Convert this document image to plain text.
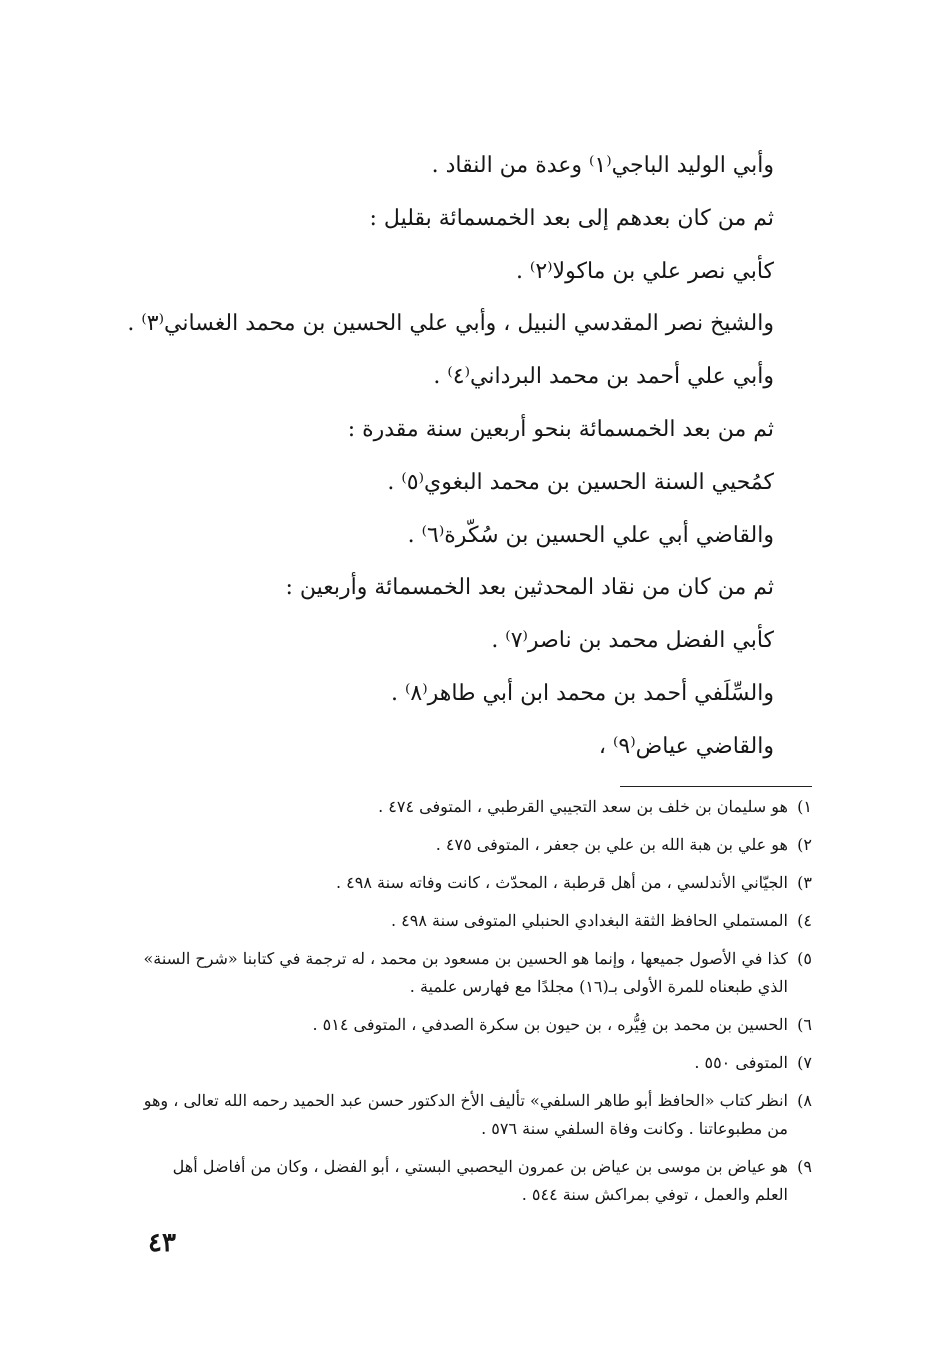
وأبي الوليد الباجي⁽١⁾ وعدة من النقاد .
ثم من كان بعدهم إلى بعد الخمسمائة بقليل :
كأبي نصر علي بن ماكولا⁽٢⁾ .
والشيخ نصر المقدسي النبيل ، وأبي علي الحسين بن محمد الغساني⁽٣⁾ .
وأبي علي أحمد بن محمد البرداني⁽٤⁾ .
ثم من بعد الخمسمائة بنحو أربعين سنة مقدرة :
كمُحيي السنة الحسين بن محمد البغوي⁽٥⁾ .
والقاضي أبي علي الحسين بن سُكّرة⁽٦⁾ .
ثم من كان من نقاد المحدثين بعد الخمسمائة وأربعين :
كأبي الفضل محمد بن ناصر⁽٧⁾ .
والسِّلَفي أحمد بن محمد ابن أبي طاهر⁽٨⁾ .
والقاضي عياض⁽٩⁾ ،
١)
هو سليمان بن خلف بن سعد التجيبي القرطبي ، المتوفى ٤٧٤ .
٢)
هو علي بن هبة الله بن علي بن جعفر ، المتوفى ٤٧٥ .
٣)
الجيّاني الأندلسي ، من أهل قرطبة ، المحدّث ، كانت وفاته سنة ٤٩٨ .
٤)
المستملي الحافظ الثقة البغدادي الحنبلي المتوفى سنة ٤٩٨ .
٥)
كذا في الأصول جميعها ، وإنما هو الحسين بن مسعود بن محمد ، له ترجمة في كتابنا «شرح السنة» الذي طبعناه للمرة الأولى بـ(١٦) مجلدًا مع فهارس علمية .
٦)
الحسين بن محمد بن فِيُّره ، بن حيون بن سكرة الصدفي ، المتوفى ٥١٤ .
٧)
المتوفى ٥٥٠ .
٨)
انظر كتاب «الحافظ أبو طاهر السلفي» تأليف الأخ الدكتور حسن عبد الحميد رحمه الله تعالى ، وهو من مطبوعاتنا . وكانت وفاة السلفي سنة ٥٧٦ .
٩)
هو عياض بن موسى بن عياض بن عمرون اليحصبي البستي ، أبو الفضل ، وكان من أفاضل أهل العلم والعمل ، توفي بمراكش سنة ٥٤٤ .
٤٣
